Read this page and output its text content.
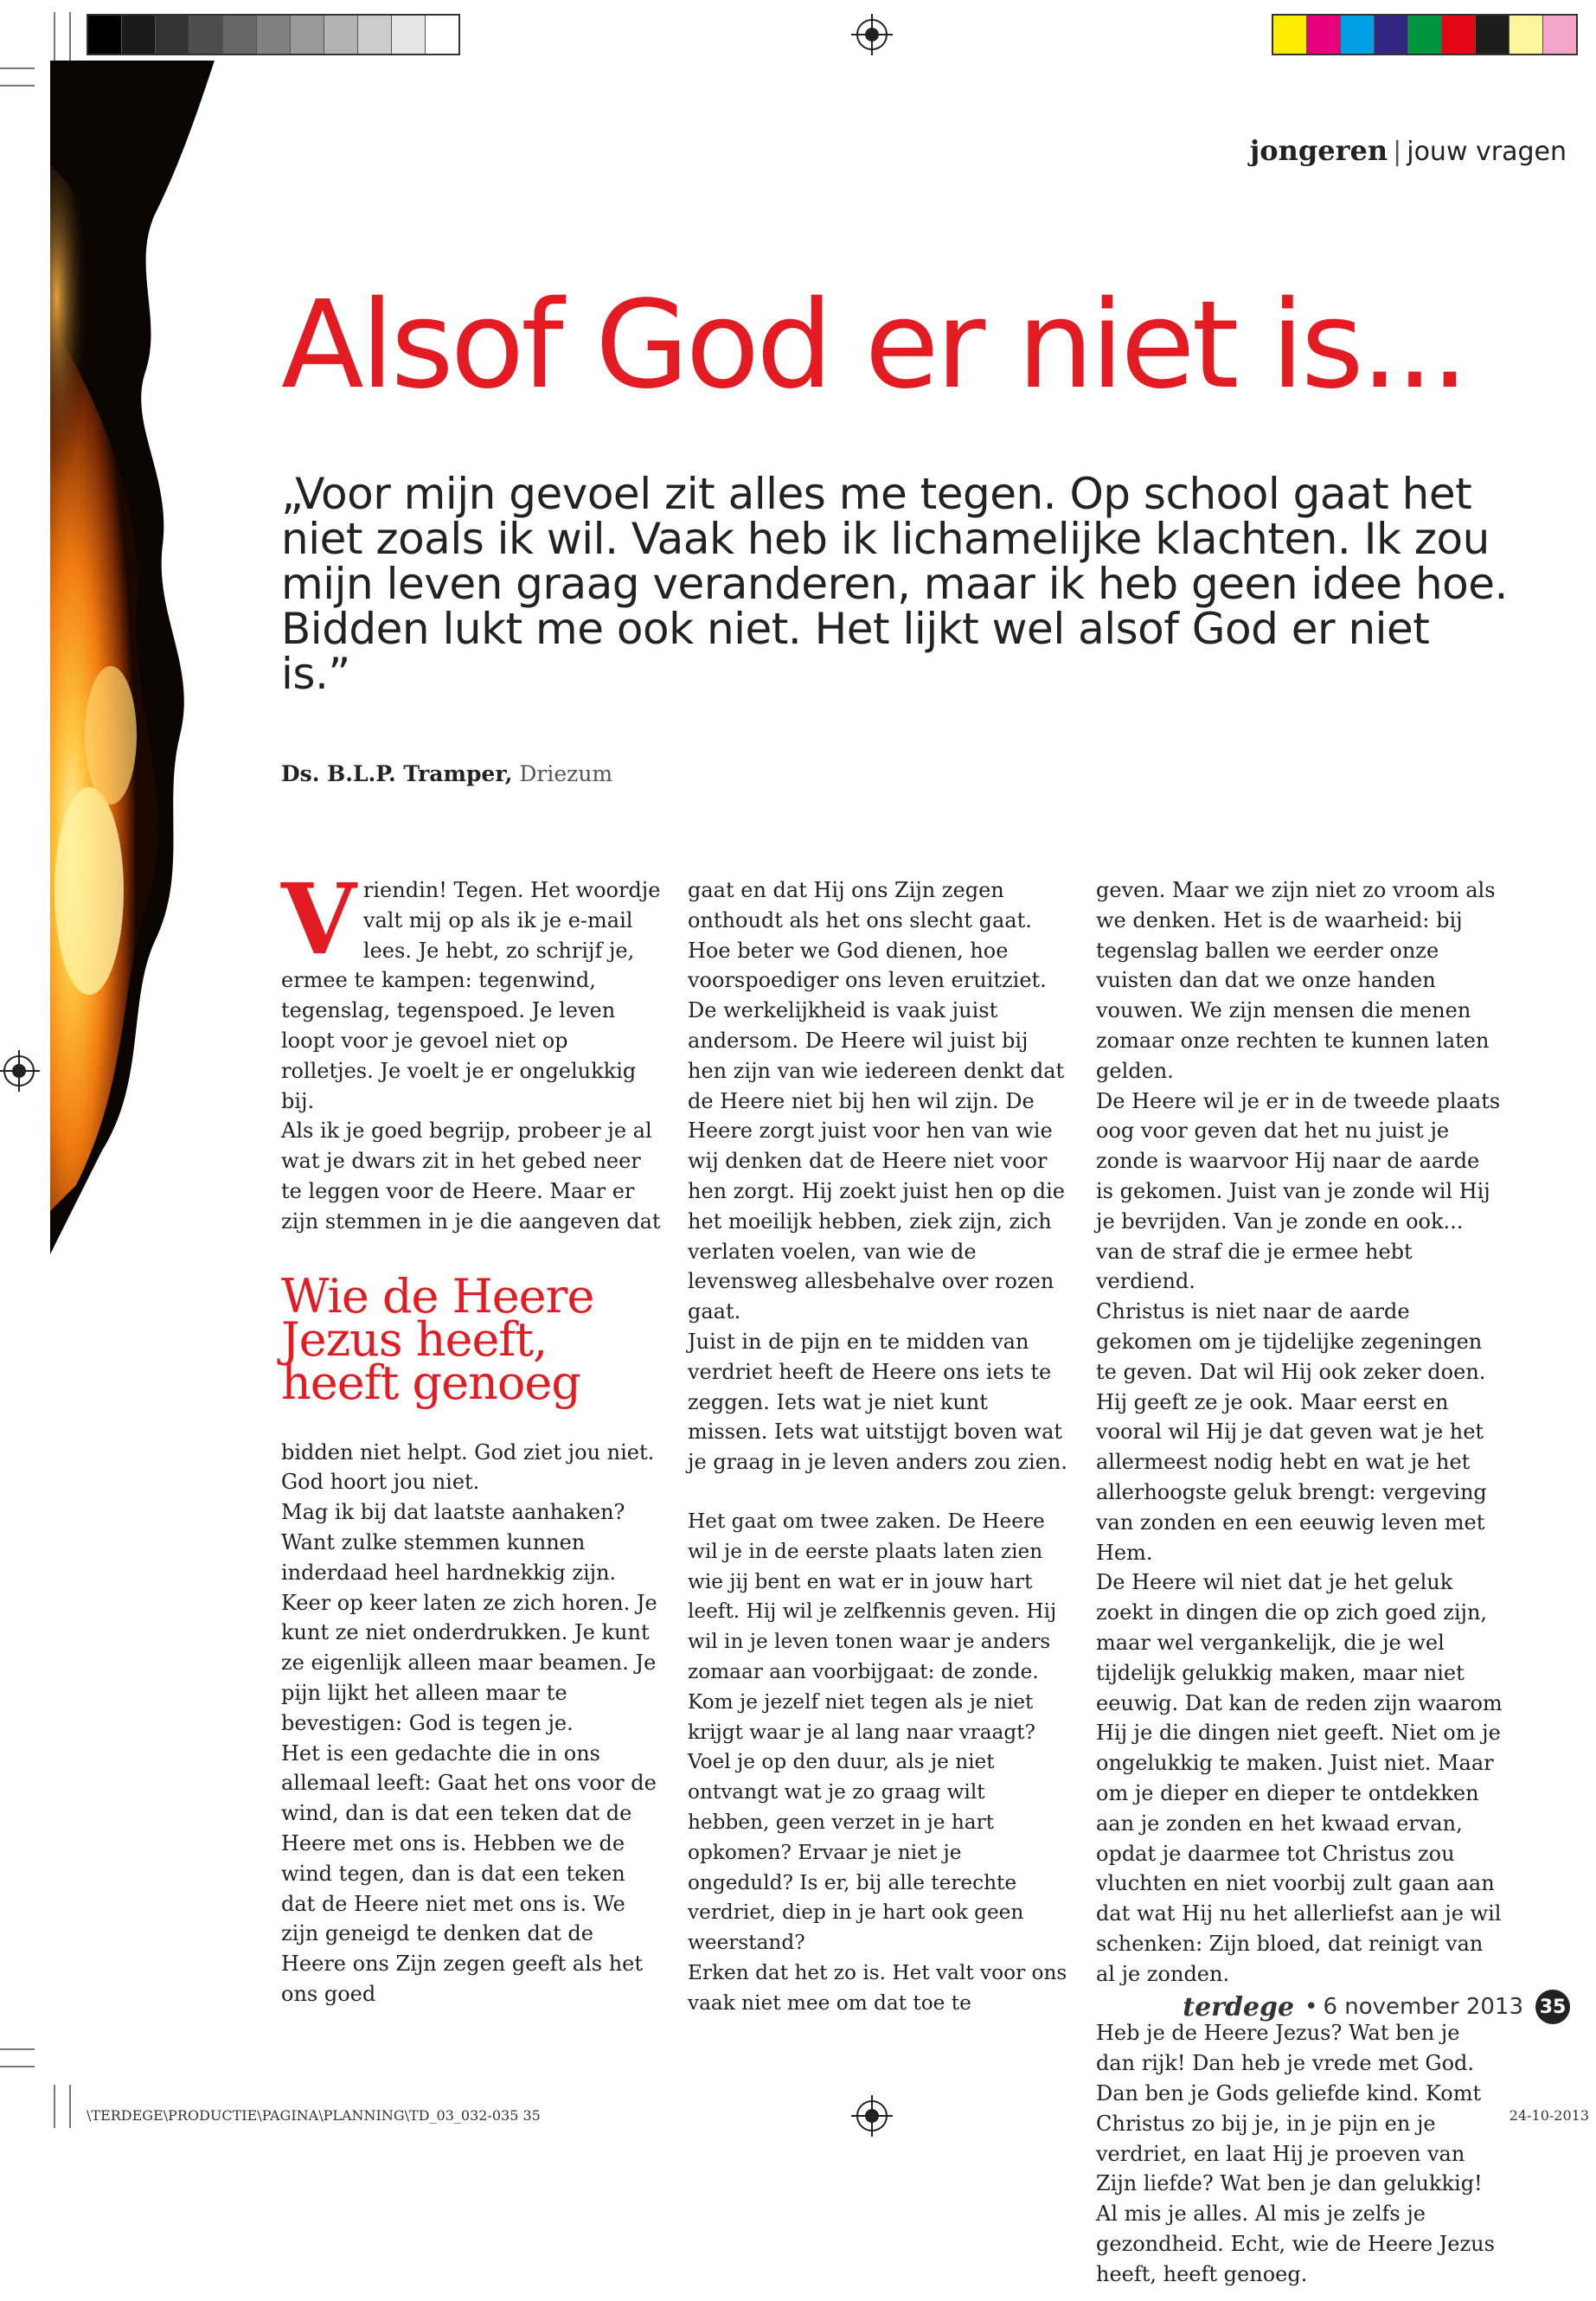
jongeren | jouw vragen
Alsof God er niet is...

„Voor mijn gevoel zit alles me tegen. Op school gaat het niet zoals ik wil. Vaak heb ik lichamelijke klachten. Ik zou mijn leven graag veranderen, maar ik heb geen idee hoe. Bidden lukt me ook niet. Het lijkt wel alsof God er niet is.”

Ds. B.L.P. Tramper, Driezum

Vriendin! Tegen. Het woordje valt mij op als ik je e-mail lees. Je hebt, zo schrijf je, ermee te kampen: tegenwind, tegenslag, tegenspoed. Je leven loopt voor je gevoel niet op rolletjes. Je voelt je er ongelukkig bij.

Als ik je goed begrijp, probeer je al wat je dwars zit in het gebed neer te leggen voor de Heere. Maar er zijn stemmen in je die aangeven dat

Wie de Heere Jezus heeft, heeft genoeg

bidden niet helpt. God ziet jou niet. God hoort jou niet.

Mag ik bij dat laatste aanhaken? Want zulke stemmen kunnen inderdaad heel hardnekkig zijn. Keer op keer laten ze zich horen. Je kunt ze niet onderdrukken. Je kunt ze eigenlijk alleen maar beamen. Je pijn lijkt het alleen maar te bevestigen: God is tegen je.

Het is een gedachte die in ons allemaal leeft: Gaat het ons voor de wind, dan is dat een teken dat de Heere met ons is. Hebben we de wind tegen, dan is dat een teken dat de Heere niet met ons is. We zijn geneigd te denken dat de Heere ons Zijn zegen geeft als het ons goed

gaat en dat Hij ons Zijn zegen onthoudt als het ons slecht gaat. Hoe beter we God dienen, hoe voorspoediger ons leven eruitziet.

De werkelijkheid is vaak juist andersom. De Heere wil juist bij hen zijn van wie iedereen denkt dat de Heere niet bij hen wil zijn. De Heere zorgt juist voor hen van wie wij denken dat de Heere niet voor hen zorgt. Hij zoekt juist hen op die het moeilijk hebben, ziek zijn, zich verlaten voelen, van wie de levensweg allesbehalve over rozen gaat.

Juist in de pijn en te midden van verdriet heeft de Heere ons iets te zeggen. Iets wat je niet kunt missen. Iets wat uitstijgt boven wat je graag in je leven anders zou zien.

Het gaat om twee zaken. De Heere wil je in de eerste plaats laten zien wie jij bent en wat er in jouw hart leeft. Hij wil je zelfkennis geven. Hij wil in je leven tonen waar je anders zomaar aan voorbijgaat: de zonde. Kom je jezelf niet tegen als je niet krijgt waar je al lang naar vraagt? Voel je op den duur, als je niet ontvangt wat je zo graag wilt hebben, geen verzet in je hart opkomen? Ervaar je niet je ongeduld? Is er, bij alle terechte verdriet, diep in je hart ook geen weerstand?

Erken dat het zo is. Het valt voor ons vaak niet mee om dat toe te

geven. Maar we zijn niet zo vroom als we denken. Het is de waarheid: bij tegenslag ballen we eerder onze vuisten dan dat we onze handen vouwen. We zijn mensen die menen zomaar onze rechten te kunnen laten gelden.

De Heere wil je er in de tweede plaats oog voor geven dat het nu juist je zonde is waarvoor Hij naar de aarde is gekomen. Juist van je zonde wil Hij je bevrijden. Van je zonde en ook... van de straf die je ermee hebt verdiend.

Christus is niet naar de aarde gekomen om je tijdelijke zegeningen te geven. Dat wil Hij ook zeker doen. Hij geeft ze je ook. Maar eerst en vooral wil Hij je dat geven wat je het allermeest nodig hebt en wat je het allerhoogste geluk brengt: vergeving van zonden en een eeuwig leven met Hem.

De Heere wil niet dat je het geluk zoekt in dingen die op zich goed zijn, maar wel vergankelijk, die je wel tijdelijk gelukkig maken, maar niet eeuwig. Dat kan de reden zijn waarom Hij je die dingen niet geeft. Niet om je ongelukkig te maken. Juist niet. Maar om je dieper en dieper te ontdekken aan je zonden en het kwaad ervan, opdat je daarmee tot Christus zou vluchten en niet voorbij zult gaan aan dat wat Hij nu het allerliefst aan je wil schenken: Zijn bloed, dat reinigt van al je zonden.

Heb je de Heere Jezus? Wat ben je dan rijk! Dan heb je vrede met God. Dan ben je Gods geliefde kind. Komt Christus zo bij je, in je pijn en je verdriet, en laat Hij je proeven van Zijn liefde? Wat ben je dan gelukkig! Al mis je alles. Al mis je zelfs je gezondheid. Echt, wie de Heere Jezus heeft, heeft genoeg.

terdege • 6 november 2013 35
\TERDEGE\PRODUCTIE\PAGINA\PLANNING\TD_03_032-035 35	24-10-2013
